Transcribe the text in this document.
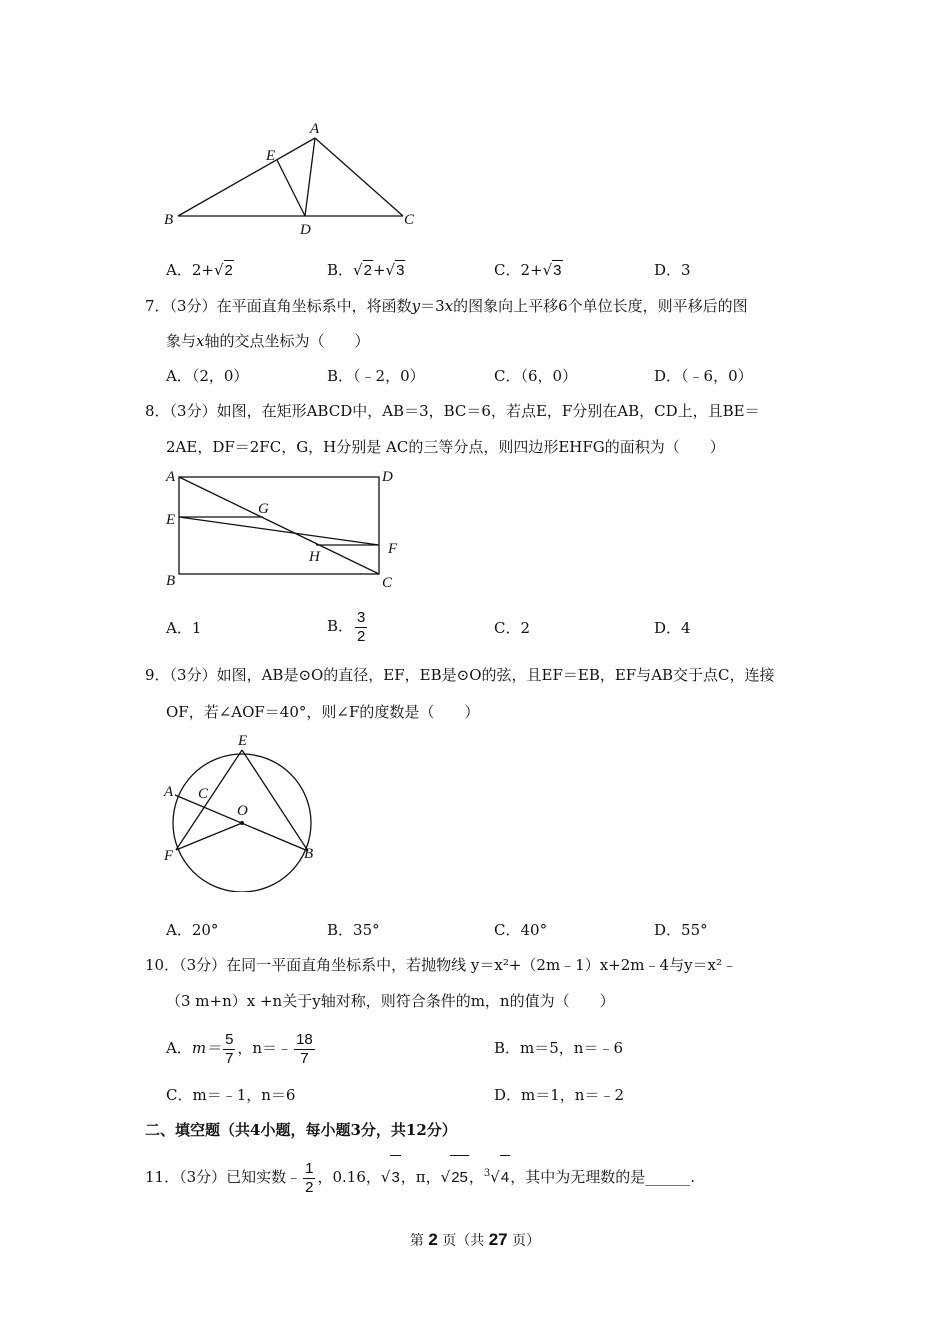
A
E
B
D
C
A．2+√2	B．√2+√3	C．2+√3	D．3
7．（3分）在平面直角坐标系中，将函数y＝3x的图象向上平移6个单位长度，则平移后的图
象与x轴的交点坐标为（　　）
A．（2，0）	B．（﹣2，0）	C．（6，0）	D．（﹣6，0）
8．（3分）如图，在矩形ABCD中，AB＝3，BC＝6，若点E，F分别在AB，CD上，且BE＝
2AE，DF＝2FC，G，H分别是 AC的三等分点，则四边形EHFG的面积为（　　）
A	D
E
G
F
H
B	C
A．1	B． $\frac{3}{2}$	C．2	D．4
9．（3分）如图，AB是⊙O的直径，EF，EB是⊙O的弦，且EF＝EB，EF与AB交于点C，连接
OF，若∠AOF＝40°，则∠F的度数是（　　）
E
A C
O
F	B
A．20°	B．35°	C．40°	D．55°
10．（3分）在同一平面直角坐标系中，若抛物线 y＝x²+（2m﹣1）x+2m﹣4与y＝x²﹣
（3 m+n）x +n关于y轴对称，则符合条件的m，n的值为（　　）
A．$m= \frac{5}{7}$ ，n＝﹣ $\frac{18}{7}$	B．m＝5，n＝﹣6
C．m＝﹣1，n＝6	D．m＝1，n＝﹣2
二、填空题（共4小题，每小题3分，共12分）
11．（3分）已知实数﹣ $\frac{1}{2}$ ，0.16，√3，π，√25，$^3$√4，其中为无理数的是______.
第 2 页（共 27 页）
